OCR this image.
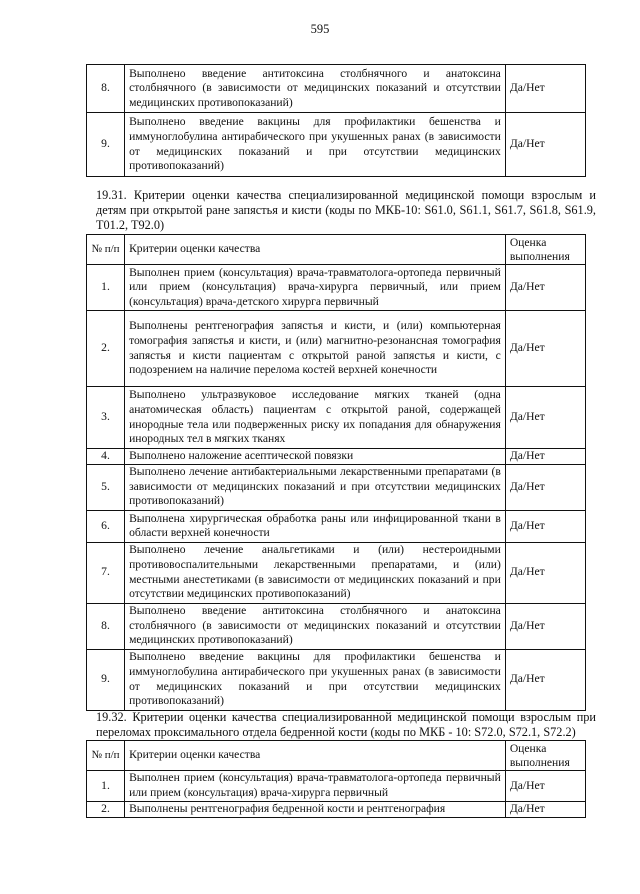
595
8.	Выполнено введение антитоксина столбнячного и анатоксина столбнячного (в зависимости от медицинских показаний и отсутствии медицинских противопоказаний)	Да/Нет
9.	Выполнено введение вакцины для профилактики бешенства и иммуноглобулина антирабического при укушенных ранах (в зависимости от медицинских показаний и при отсутствии медицинских противопоказаний)	Да/Нет
19.31. Критерии оценки качества специализированной медицинской помощи взрослым и детям при открытой ране запястья и кисти (коды по МКБ-10: S61.0, S61.1, S61.7, S61.8, S61.9, T01.2, T92.0)
№ п/п	Критерии оценки качества	Оценка выполнения
1.	Выполнен прием (консультация) врача-травматолога-ортопеда первичный или прием (консультация) врача-хирурга первичный, или прием (консультация) врача-детского хирурга первичный	Да/Нет
2.	Выполнены рентгенография запястья и кисти, и (или) компьютерная томография запястья и кисти, и (или) магнитно-резонансная томография запястья и кисти пациентам с открытой раной запястья и кисти, с подозрением на наличие перелома костей верхней конечности	Да/Нет
3.	Выполнено ультразвуковое исследование мягких тканей (одна анатомическая область) пациентам с открытой раной, содержащей инородные тела или подверженных риску их попадания для обнаружения инородных тел в мягких тканях	Да/Нет
4.	Выполнено наложение асептической повязки	Да/Нет
5.	Выполнено лечение антибактериальными лекарственными препаратами (в зависимости от медицинских показаний и при отсутствии медицинских противопоказаний)	Да/Нет
6.	Выполнена хирургическая обработка раны или инфицированной ткани в области верхней конечности	Да/Нет
7.	Выполнено лечение анальгетиками и (или) нестероидными противовоспалительными лекарственными препаратами, и (или) местными анестетиками (в зависимости от медицинских показаний и при отсутствии медицинских противопоказаний)	Да/Нет
8.	Выполнено введение антитоксина столбнячного и анатоксина столбнячного (в зависимости от медицинских показаний и отсутствии медицинских противопоказаний)	Да/Нет
9.	Выполнено введение вакцины для профилактики бешенства и иммуноглобулина антирабического при укушенных ранах (в зависимости от медицинских показаний и при отсутствии медицинских противопоказаний)	Да/Нет
19.32. Критерии оценки качества специализированной медицинской помощи взрослым при переломах проксимального отдела бедренной кости (коды по МКБ - 10: S72.0, S72.1, S72.2)
№ п/п	Критерии оценки качества	Оценка выполнения
1.	Выполнен прием (консультация) врача-травматолога-ортопеда первичный или прием (консультация) врача-хирурга первичный	Да/Нет
2.	Выполнены рентгенография бедренной кости и рентгенография	Да/Нет
